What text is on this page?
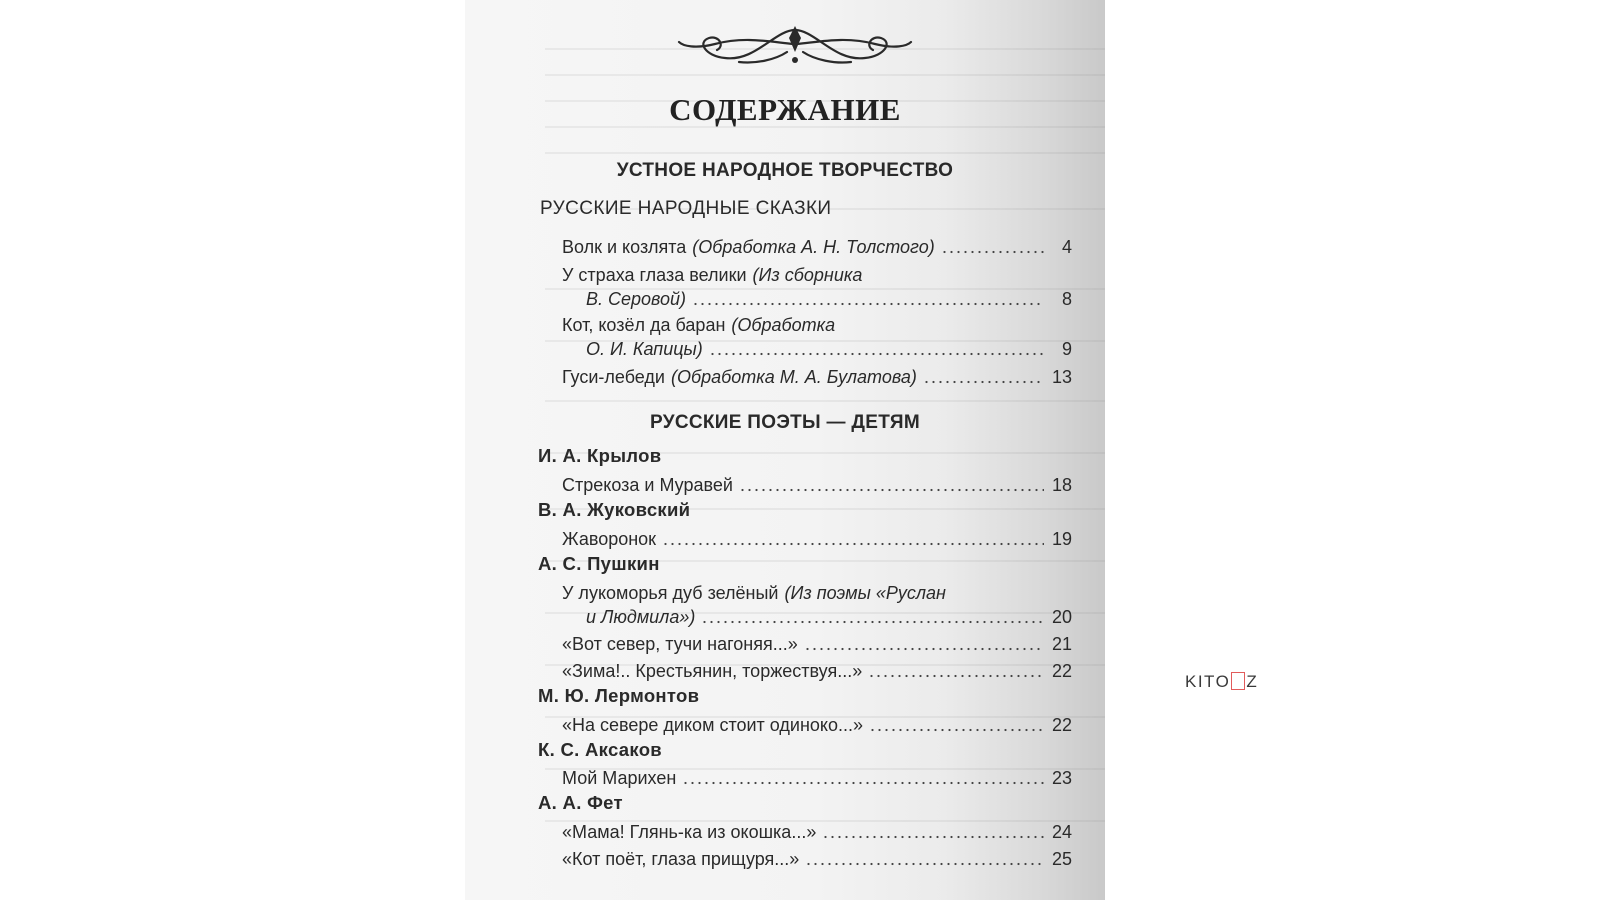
СОДЕРЖАНИЕ
УСТНОЕ НАРОДНОЕ ТВОРЧЕСТВО
РУССКИЕ НАРОДНЫЕ СКАЗКИ
Волк и козлята (Обработка А. Н. Толстого)	4
У страха глаза велики (Из сборника
В. Серовой)	8
Кот, козёл да баран (Обработка
О. И. Капицы)	9
Гуси-лебеди (Обработка М. А. Булатова)	13
РУССКИЕ ПОЭТЫ — ДЕТЯМ
И. А. Крылов
Стрекоза и Муравей	18
В. А. Жуковский
Жаворонок	19
А. С. Пушкин
У лукоморья дуб зелёный (Из поэмы «Руслан
и Людмила»)	20
«Вот север, тучи нагоняя...»	21
«Зима!.. Крестьянин, торжествуя...»	22
М. Ю. Лермонтов
«На севере диком стоит одиноко...»	22
К. С. Аксаков
Мой Марихен	23
А. А. Фет
«Мама! Глянь-ка из окошка...»	24
«Кот поёт, глаза прищуря...»	25
KITO Z
